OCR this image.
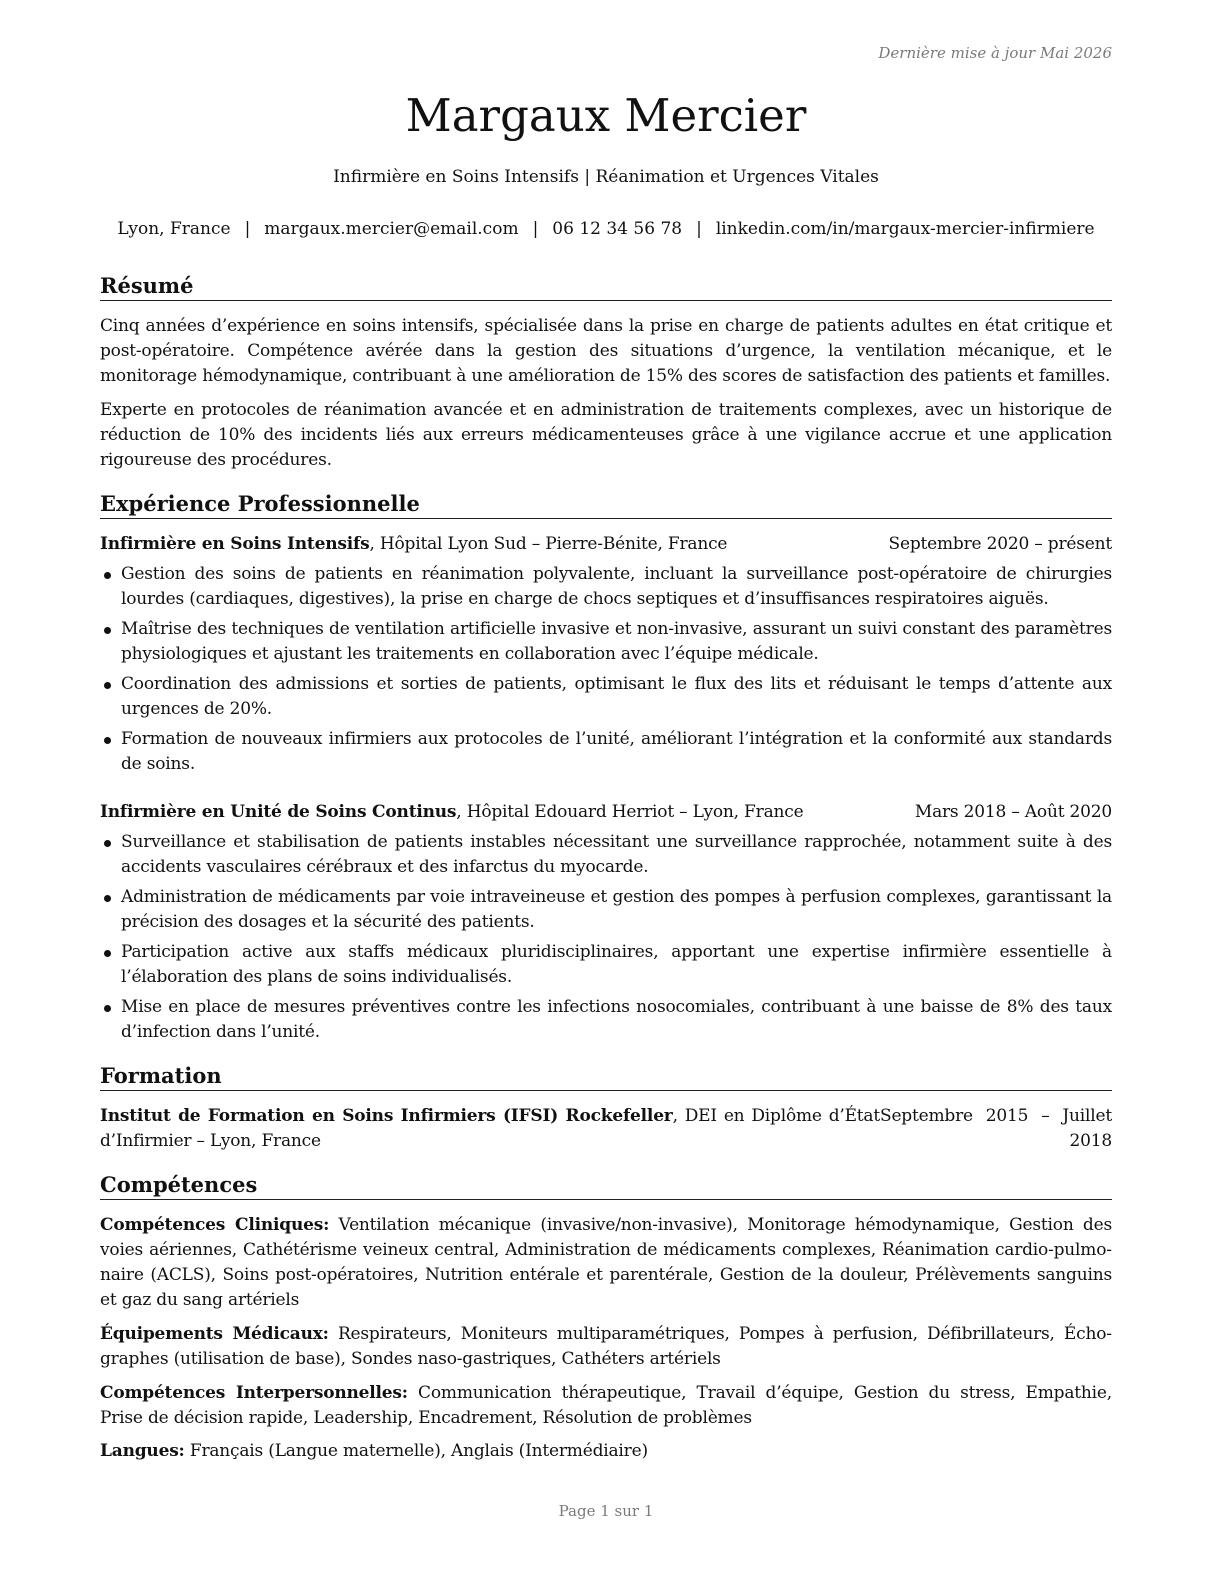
Dernière mise à jour Mai 2026
Margaux Mercier
Infirmière en Soins Intensifs | Réanimation et Urgences Vitales
Lyon, France | margaux.mercier@email.com | 06 12 34 56 78 | linkedin.com/in/margaux-mercier-infirmiere
Résumé
Cinq années d’expérience en soins intensifs, spécialisée dans la prise en charge de patients adultes en état critique et post-opératoire. Compétence avérée dans la gestion des situations d’urgence, la ventilation mécanique, et le monitorage hémodynamique, contribuant à une amélioration de 15% des scores de satisfaction des patients et familles.
Experte en protocoles de réanimation avancée et en administration de traitements complexes, avec un historique de réduction de 10% des incidents liés aux erreurs médicamenteuses grâce à une vigilance accrue et une application rigoureuse des procédures.
Expérience Professionnelle
Infirmière en Soins Intensifs, Hôpital Lyon Sud – Pierre-Bénite, France	Septembre 2020 – présent
Gestion des soins de patients en réanimation polyvalente, incluant la surveillance post-opératoire de chirurgies lourdes (cardiaques, digestives), la prise en charge de chocs septiques et d’insuffisances respiratoires aiguës.
Maîtrise des techniques de ventilation artificielle invasive et non-invasive, assurant un suivi constant des paramètres physiologiques et ajustant les traitements en collaboration avec l’équipe médicale.
Coordination des admissions et sorties de patients, optimisant le flux des lits et réduisant le temps d’attente aux urgences de 20%.
Formation de nouveaux infirmiers aux protocoles de l’unité, améliorant l’intégration et la conformité aux standards de soins.
Infirmière en Unité de Soins Continus, Hôpital Edouard Herriot – Lyon, France	Mars 2018 – Août 2020
Surveillance et stabilisation de patients instables nécessitant une surveillance rapprochée, notamment suite à des accidents vasculaires cérébraux et des infarctus du myocarde.
Administration de médicaments par voie intraveineuse et gestion des pompes à perfusion complexes, garantissant la précision des dosages et la sécurité des patients.
Participation active aux staffs médicaux pluridisciplinaires, apportant une expertise infirmière essentielle à l’élaboration des plans de soins individualisés.
Mise en place de mesures préventives contre les infections nosocomiales, contribuant à une baisse de 8% des taux d’infection dans l’unité.
Formation
Institut de Formation en Soins Infirmiers (IFSI) Rockefeller, DEI en Diplôme d’État d’Infirmier – Lyon, France
Septembre 2015 – Juillet 2018
Compétences
Compétences Cliniques: Ventilation mécanique (invasive/non-invasive), Monitorage hémodynamique, Gestion des voies aériennes, Cathétérisme veineux central, Administration de médicaments complexes, Réanimation cardio-pulmonaire (ACLS), Soins post-opératoires, Nutrition entérale et parentérale, Gestion de la douleur, Prélèvements sanguins et gaz du sang artériels
Équipements Médicaux: Respirateurs, Moniteurs multiparamétriques, Pompes à perfusion, Défibrillateurs, Échographes (utilisation de base), Sondes naso-gastriques, Cathéters artériels
Compétences Interpersonnelles: Communication thérapeutique, Travail d’équipe, Gestion du stress, Empathie, Prise de décision rapide, Leadership, Encadrement, Résolution de problèmes
Langues: Français (Langue maternelle), Anglais (Intermédiaire)
Page 1 sur 1
